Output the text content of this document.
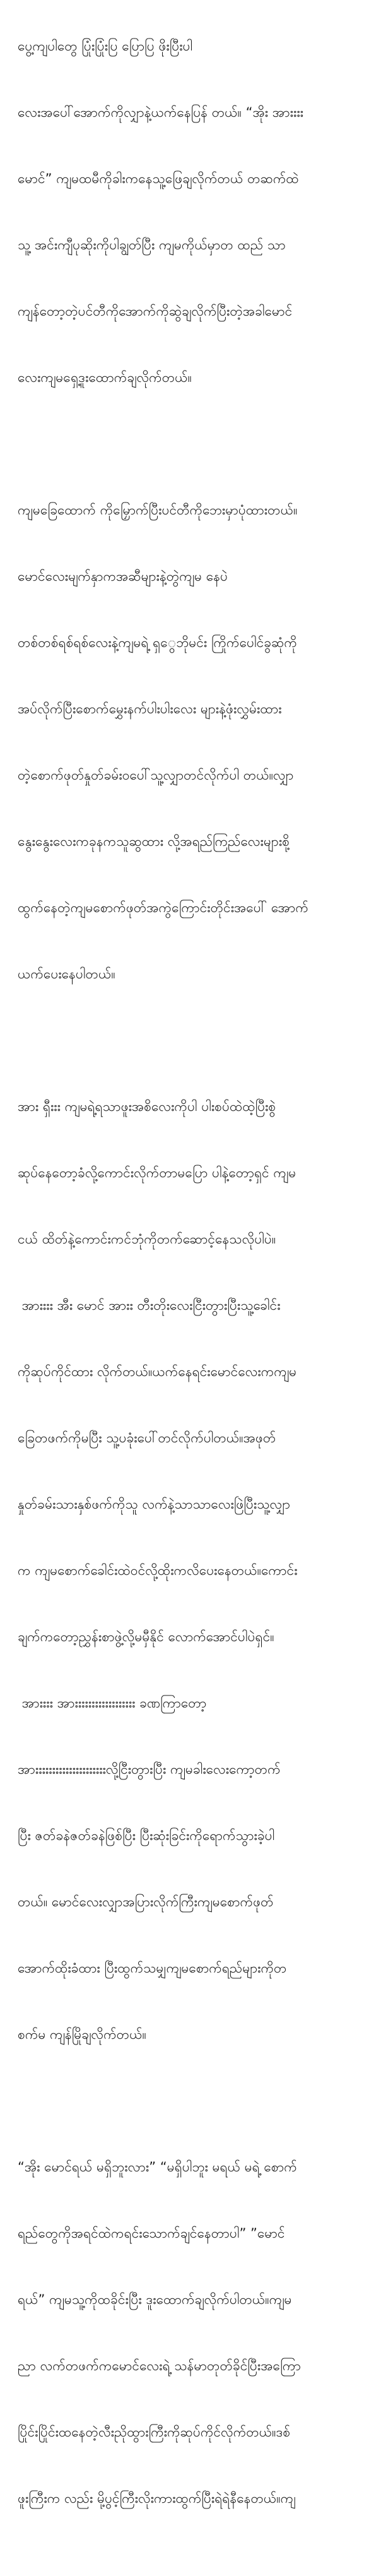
ပွေ့ကျပါတွေ ပြုံးပြုံးပြ ပြောပြ ဖိုးပြီးပါ

လေးအပေါ်အောက်ကိုလျှာနဲ့ယက်နေပြန် တယ်။ “အိုး အားးးး

မောင်” ကျမထမီကိုခါးကနေသူ့ဖြေချလိုက်တယ် တဆက်ထဲ

သူ့ အင်းကျီပုဆိုးကိုပါချွတ်ပြီး ကျမကိုယ်မှာတ ထည် သာ

ကျန်တော့တဲ့ပင်တီကိုအောက်ကိုဆွဲချလိုက်ပြီးတဲ့အခါမောင်

လေးကျမရှေ့ဒူးထောက်ချလိုက်တယ်။

ကျမခြေထောက် ကိုမြှောက်ပြီးပင်တီကိုဘေးမှာပုံထားတယ်။

မောင်လေးမျက်နှာကအဆီများနဲ့တွဲကျမ နေပဲ

တစ်တစ်ရစ်ရစ်လေးနဲ့ကျမရဲ့ ရှွေဘိုမင်း ကြိုက်ပေါင်ခွဆုံကို

အပ်လိုက်ပြီးစောက်မွှေးနက်ပါးပါးလေး များနဲ့ဖုံးလွှမ်းထား

တဲ့စောက်ဖုတ်နှုတ်ခမ်းဝပေါ်သူ့လျှာတင်လိုက်ပါ တယ်။လျှာ

နွေးနွေးလေးကခုနကသူဆွထား လို့အရည်ကြည်လေးများစို့

ထွက်နေတဲ့ကျမစောက်ဖုတ်အကွဲကြောင်းတိုင်းအပေါ် အောက်

ယက်ပေးနေပါတယ်။

အား ရှီးးး ကျမရဲ့ရသာဖူးအစိလေးကိုပါ ပါးစပ်ထဲထဲ့ပြီးစွဲ

ဆုပ်နေတော့ခံလို့ကောင်းလိုက်တာမပြော ပါနဲ့တော့ရှင် ကျမ

ငယ် ထိတ်နဲ့ကောင်းကင်ဘုံကိုတက်ဆောင့်နေသလိုပါပဲ။

အားးးး အီး မောင် အားး တီးတိုးလေးငြီးတွားပြီးသူ့ခေါင်း

ကိုဆုပ်ကိုင်ထား လိုက်တယ်။ယက်နေရင်းမောင်လေးကကျမ

ခြေတဖက်ကိုမပြီး သူ့ပခုံးပေါ်တင်လိုက်ပါတယ်။အဖုတ်

နှုတ်ခမ်းသားနှစ်ဖက်ကိုသူ လက်နဲ့သာသာလေးဖြဲပြီးသူ့လျှာ

က ကျမစောက်ခေါင်းထဲဝင်လို့ထိုးကလိပေးနေတယ်။ကောင်း

ချက်ကတော့ညွှန်းစာဖွဲ့လို့မမှီနိုင် လောက်အောင်ပါပဲရှင်။

အားးးး အားးးးးးးးးးးးးးးးးး ခဏကြာတော့

အားးးးးးးးးးးးးးးးးးးးးလို့ငြီးတွားပြီး ကျမခါးလေးကော့တက်

ပြီး ဇတ်ခနဲဇတ်ခနဲဖြစ်ပြီး ပြီးဆုံးခြင်းကိုရောက်သွားခဲ့ပါ

တယ်။ မောင်လေးလျှာအပြားလိုက်ကြီးကျမစောက်ဖုတ်

အောက်ထိုးခံထား ပြီးထွက်သမျှကျမစောက်ရည်များကိုတ

စက်မ ကျန်မြိုချလိုက်တယ်။

“အိုး မောင်ရယ် မရှိဘူးလား” “မရှိပါဘူး မရယ် မရဲ့ စောက်

ရည်တွေကိုအရင်ထဲကရင်းသောက်ချင်နေတာပါ” ”မောင်

ရယ်” ကျမသူ့ကိုထခိုင်းပြီး ဒူးထောက်ချလိုက်ပါတယ်။ကျမ

ညာ လက်တဖက်ကမောင်လေးရဲ့ သန်မာတုတ်ခိုင်ပြီးအကြော

ပြိုင်းပြိုင်းထနေတဲ့လီးညိုထွားကြီးကိုဆုပ်ကိုင်လိုက်တယ်။ဒစ်

ဖူးကြီးက လည်း မို့ပွင့်ကြီးလိုးကားထွက်ပြီးရဲရဲနီနေတယ်။ကျ
